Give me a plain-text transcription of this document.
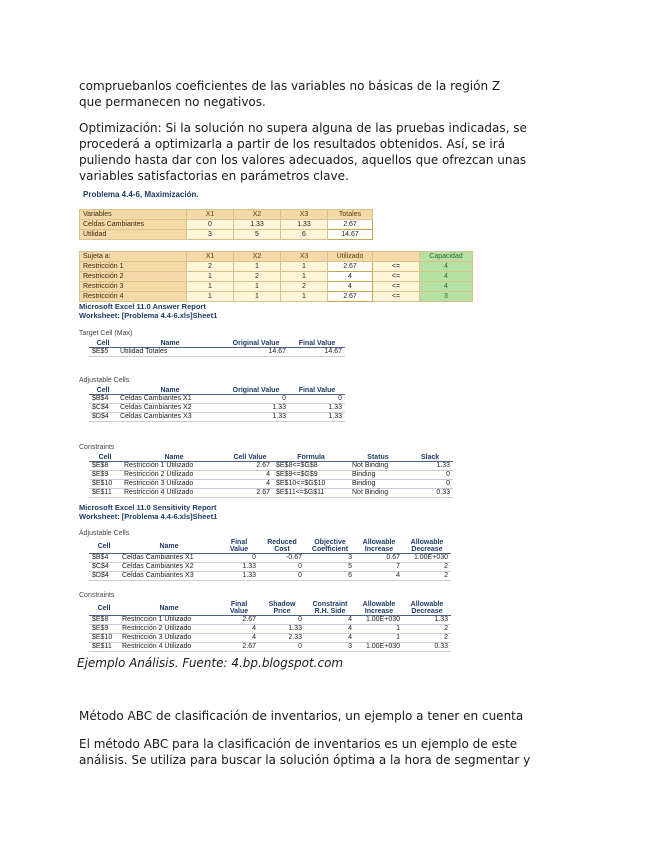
compruebanlos coeficientes de las variables no básicas de la región Z
que permanecen no negativos.

Optimización: Si la solución no supera alguna de las pruebas indicadas, se
procederá a optimizarla a partir de los resultados obtenidos. Así, se irá
puliendo hasta dar con los valores adecuados, aquellos que ofrezcan unas
variables satisfactorias en parámetros clave.

Problema 4.4-6, Maximización.
Variables	X1	X2	X3	Totales
Celdas Cambiantes	0	1.33	1.33	2.67
Utilidad	3	5	6	14.67
Sujeta a:	X1	X2	X3	Utilizado		Capacidad
Restricción 1	2	1	1	2.67	<=	4
Restricción 2	1	2	1	4	<=	4
Restricción 3	1	1	2	4	<=	4
Restricción 4	1	1	1	2.67	<=	3
Microsoft Excel 11.0 Answer Report
Worksheet: [Problema 4.4-6.xls]Sheet1
Target Cell (Max)
Cell	Name	Original Value	Final Value
$E$5	Utilidad Totales	14.67	14.67
Adjustable Cells
Cell	Name	Original Value	Final Value
$B$4	Celdas Cambiantes X1	0	0
$C$4	Celdas Cambiantes X2	1.33	1.33
$D$4	Celdas Cambiantes X3	1.33	1.33
Constraints
Cell	Name	Cell Value	Formula	Status	Slack
$E$8	Restricción 1 Utilizado	2.67	$E$8<=$G$8	Not Binding	1.33
$E$9	Restricción 2 Utilizado	4	$E$9<=$G$9	Binding	0
$E$10	Restricción 3 Utilizado	4	$E$10<=$G$10	Binding	0
$E$11	Restricción 4 Utilizado	2.67	$E$11<=$G$11	Not Binding	0.33
Microsoft Excel 11.0 Sensitivity Report
Worksheet: [Problema 4.4-6.xls]Sheet1
Adjustable Cells
Cell	Name	Final Value	Reduced Cost	Objective Coefficient	Allowable Increase	Allowable Decrease
$B$4	Celdas Cambiantes X1	0	-0.67	3	0.67	1.00E+030
$C$4	Celdas Cambiantes X2	1.33	0	5	7	2
$D$4	Celdas Cambiantes X3	1.33	0	6	4	2
Constraints
Cell	Name	Final Value	Shadow Price	Constraint R.H. Side	Allowable Increase	Allowable Decrease
$E$8	Restricción 1 Utilizado	2.67	0	4	1.00E+030	1.33
$E$9	Restricción 2 Utilizado	4	1.33	4	1	2
$E$10	Restricción 3 Utilizado	4	2.33	4	1	2
$E$11	Restricción 4 Utilizado	2.67	0	3	1.00E+030	0.33
Ejemplo Análisis. Fuente: 4.bp.blogspot.com

Método ABC de clasificación de inventarios, un ejemplo a tener en cuenta

El método ABC para la clasificación de inventarios es un ejemplo de este
análisis. Se utiliza para buscar la solución óptima a la hora de segmentar y
